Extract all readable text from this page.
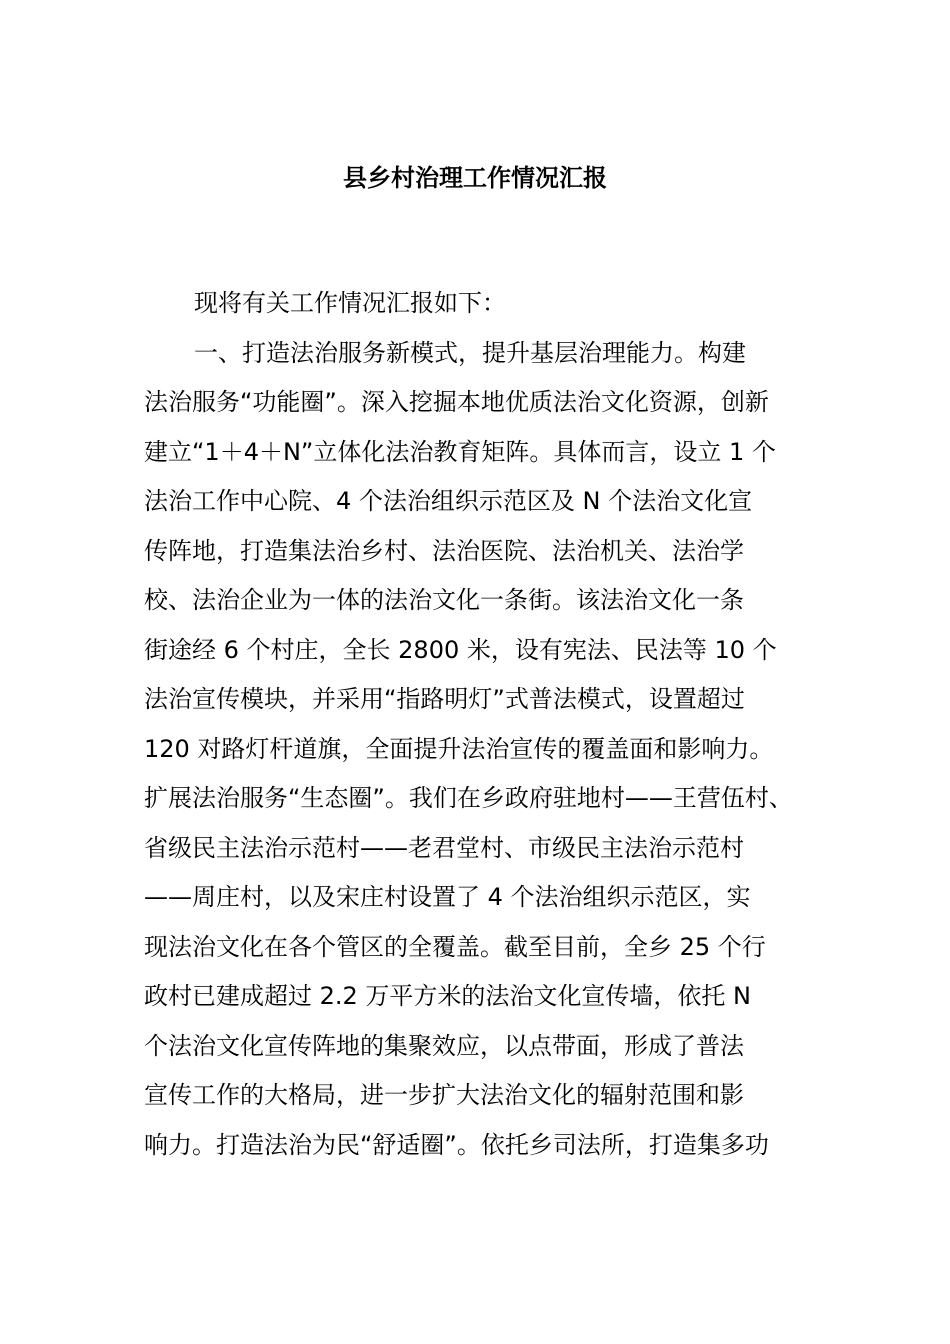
县乡村治理工作情况汇报
现将有关工作情况汇报如下：
一、打造法治服务新模式，提升基层治理能力。构建
法治服务“功能圈”。深入挖掘本地优质法治文化资源，创新
建立“1＋4＋N”立体化法治教育矩阵。具体而言，设立 1 个
法治工作中心院、4 个法治组织示范区及 N 个法治文化宣
传阵地，打造集法治乡村、法治医院、法治机关、法治学
校、法治企业为一体的法治文化一条街。该法治文化一条
街途经 6 个村庄，全长 2800 米，设有宪法、民法等 10 个
法治宣传模块，并采用“指路明灯”式普法模式，设置超过
120 对路灯杆道旗，全面提升法治宣传的覆盖面和影响力。
扩展法治服务“生态圈”。我们在乡政府驻地村——王营伍村、
省级民主法治示范村——老君堂村、市级民主法治示范村
——周庄村，以及宋庄村设置了 4 个法治组织示范区，实
现法治文化在各个管区的全覆盖。截至目前，全乡 25 个行
政村已建成超过 2.2 万平方米的法治文化宣传墙，依托 N
个法治文化宣传阵地的集聚效应，以点带面，形成了普法
宣传工作的大格局，进一步扩大法治文化的辐射范围和影
响力。打造法治为民“舒适圈”。依托乡司法所，打造集多功
